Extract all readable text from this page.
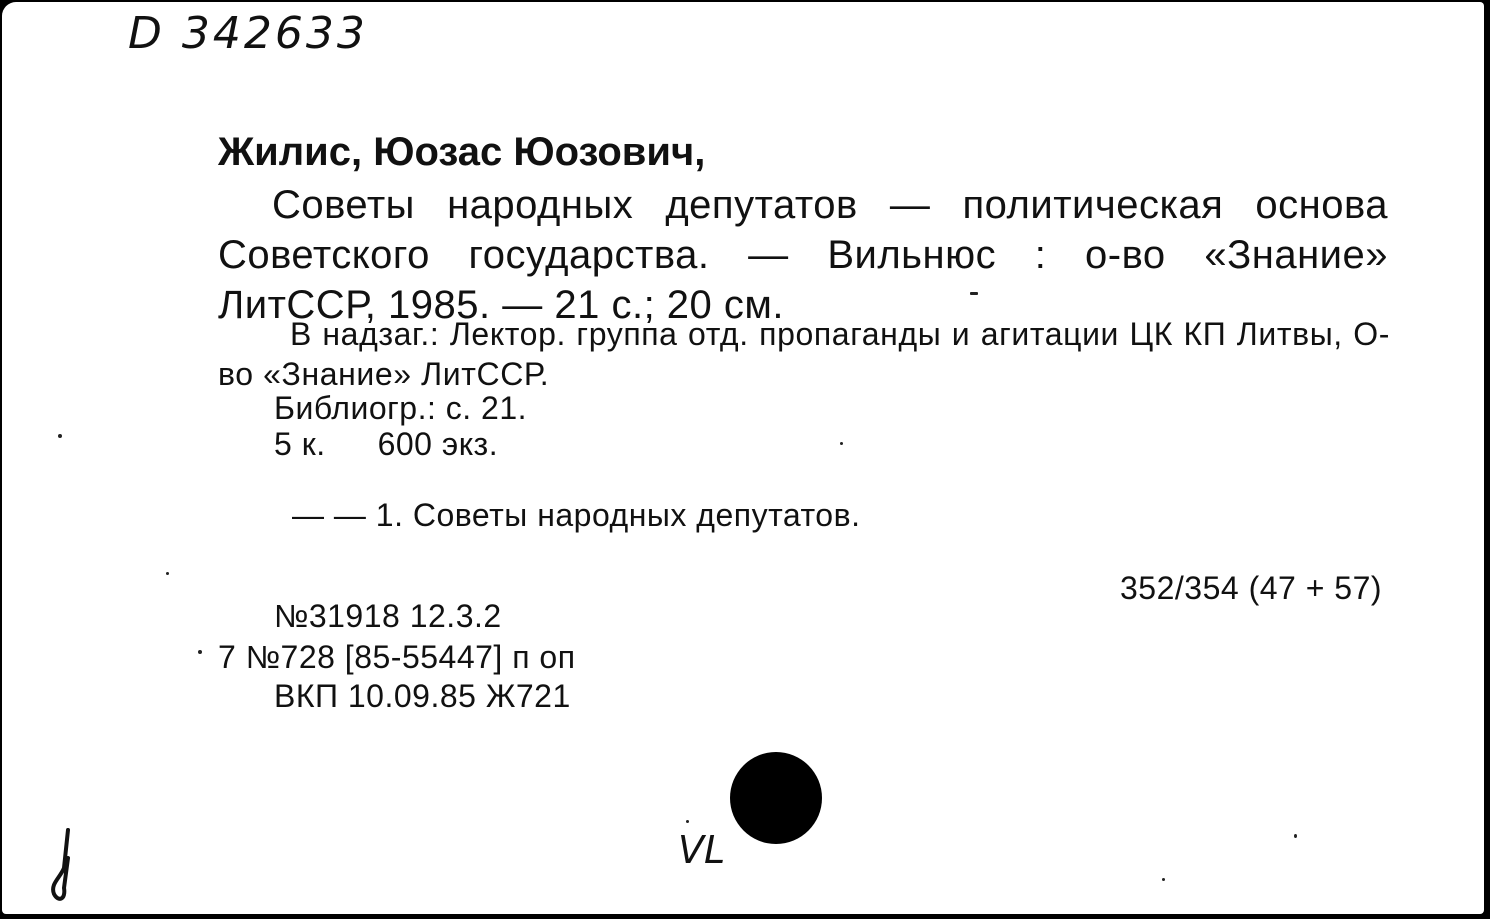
D 342633
Жилис, Юозас Юозович,
Советы народных депутатов — политическая основа Советского государства. — Вильнюс : о-во «Знание» ЛитССР, 1985. — 21 с.; 20 см.
В надзаг.: Лектор. группа отд. пропаганды и агитации ЦК КП Литвы, О-во «Знание» ЛитССР.
Библиогр.: с. 21.
5 к. 600 экз.
— — 1. Советы народных депутатов.
352/354 (47 + 57)
№31918 12.3.2
7 №728 [85-55447] п оп
ВКП 10.09.85 Ж721
VL
